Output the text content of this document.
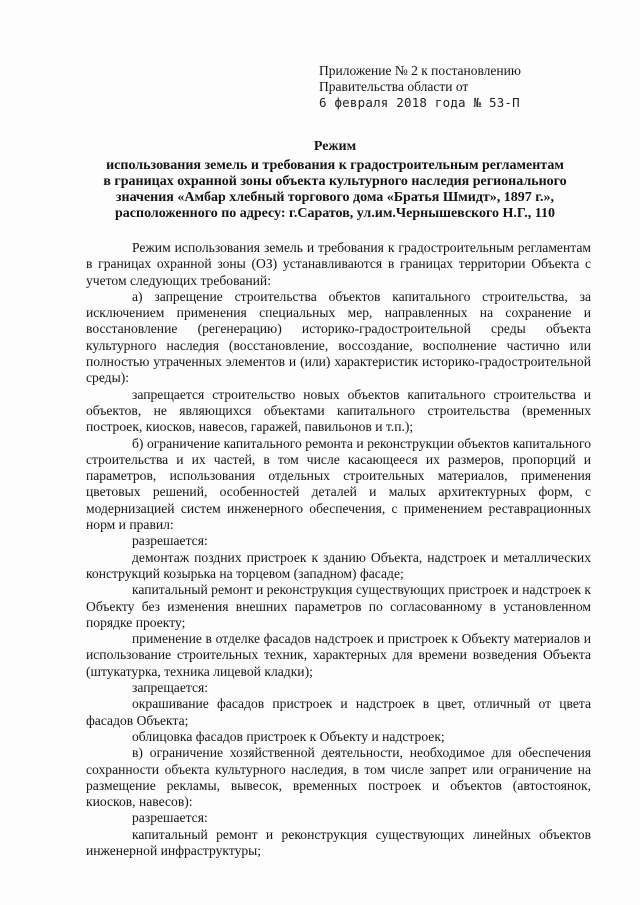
Приложение № 2 к постановлению
Правительства области от
6 февраля 2018 года № 53-П
Режим
использования земель и требования к градостроительным регламентам
в границах охранной зоны объекта культурного наследия регионального
значения «Амбар хлебный торгового дома «Братья Шмидт», 1897 г.»,
расположенного по адресу: г.Саратов, ул.им.Чернышевского Н.Г., 110

Режим использования земель и требования к градостроительным регламентам в границах охранной зоны (ОЗ) устанавливаются в границах территории Объекта с учетом следующих требований:

а) запрещение строительства объектов капитального строительства, за исключением применения специальных мер, направленных на сохранение и восстановление (регенерацию) историко-градостроительной среды объекта культурного наследия (восстановление, воссоздание, восполнение частично или полностью утраченных элементов и (или) характеристик историко-градостроительной среды):

запрещается строительство новых объектов капитального строительства и объектов, не являющихся объектами капитального строительства (временных построек, киосков, навесов, гаражей, павильонов и т.п.);

б) ограничение капитального ремонта и реконструкции объектов капитального строительства и их частей, в том числе касающееся их размеров, пропорций и параметров, использования отдельных строительных материалов, применения цветовых решений, особенностей деталей и малых архитектурных форм, с модернизацией систем инженерного обеспечения, с применением реставрационных норм и правил:

разрешается:

демонтаж поздних пристроек к зданию Объекта, надстроек и металлических конструкций козырька на торцевом (западном) фасаде;

капитальный ремонт и реконструкция существующих пристроек и надстроек к Объекту без изменения внешних параметров по согласованному в установленном порядке проекту;

применение в отделке фасадов надстроек и пристроек к Объекту материалов и использование строительных техник, характерных для времени возведения Объекта (штукатурка, техника лицевой кладки);

запрещается:

окрашивание фасадов пристроек и надстроек в цвет, отличный от цвета фасадов Объекта;

облицовка фасадов пристроек к Объекту и надстроек;

в) ограничение хозяйственной деятельности, необходимое для обеспечения сохранности объекта культурного наследия, в том числе запрет или ограничение на размещение рекламы, вывесок, временных построек и объектов (автостоянок, киосков, навесов):

разрешается:

капитальный ремонт и реконструкция существующих линейных объектов инженерной инфраструктуры;
